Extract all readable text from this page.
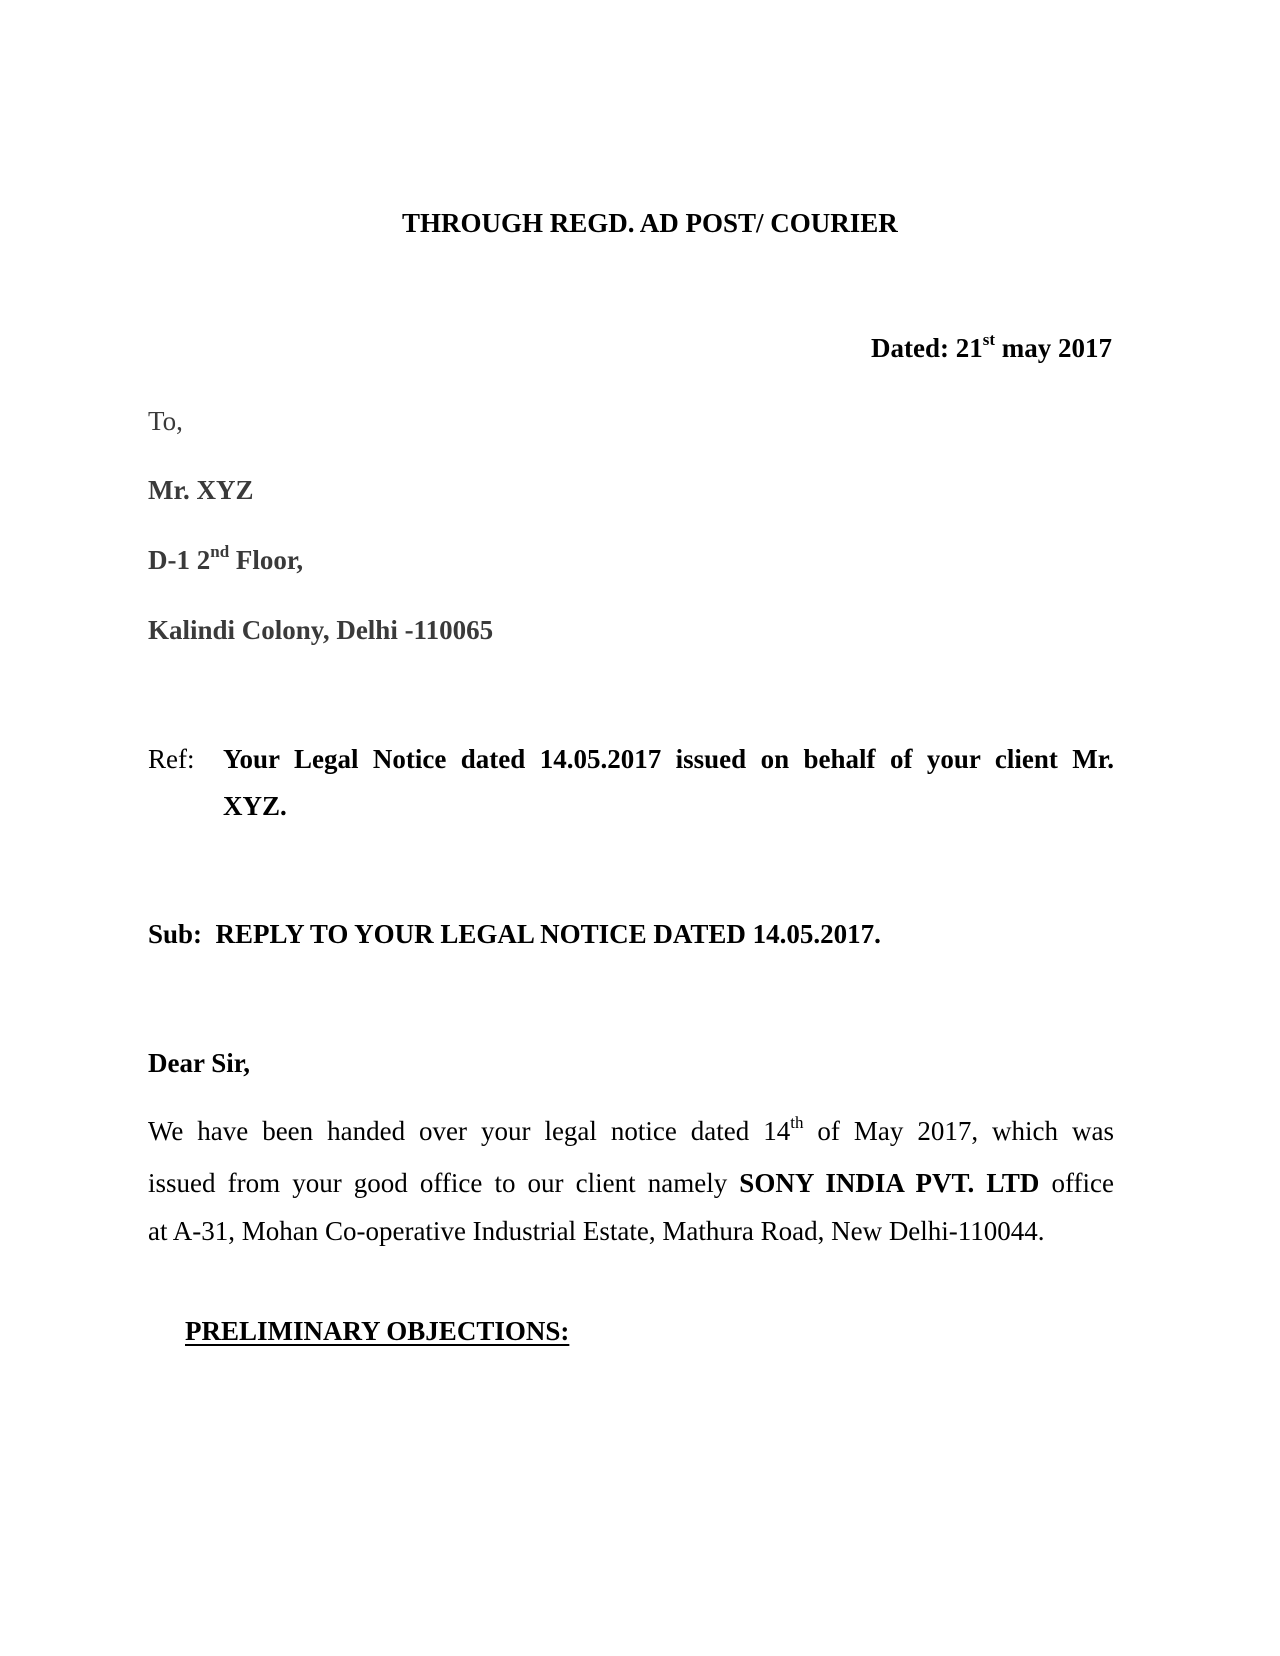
THROUGH REGD. AD POST/ COURIER
Dated: 21st may 2017
To,
Mr. XYZ
D-1 2nd Floor,
Kalindi Colony, Delhi -110065
Ref: Your Legal Notice dated 14.05.2017 issued on behalf of your client Mr.
XYZ.
Sub: REPLY TO YOUR LEGAL NOTICE DATED 14.05.2017.
Dear Sir,
We have been handed over your legal notice dated 14th of May 2017, which was
issued from your good office to our client namely SONY INDIA PVT. LTD office
at A-31, Mohan Co-operative Industrial Estate, Mathura Road, New Delhi-110044.
PRELIMINARY OBJECTIONS:
